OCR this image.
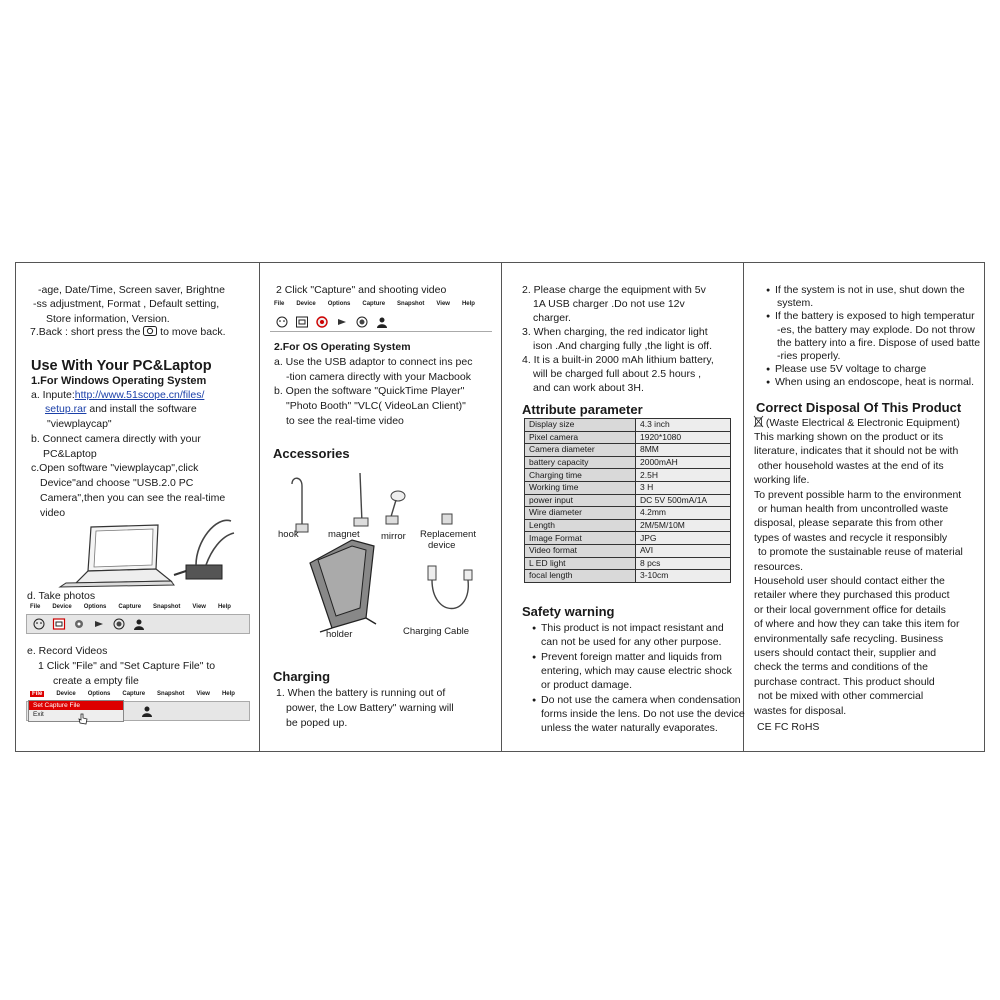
-age, Date/Time, Screen saver, Brightne
-ss adjustment, Format , Default setting,
Store information, Version.
7.Back : short press the to move back.
Use With Your PC&Laptop
1.For Windows Operating System
a. Inpute:http://www.51scope.cn/files/
setup.rar and install the software
"viewplaycap"
b. Connect camera directly with your
PC&Laptop
c.Open software "viewplaycap",click
Device"and choose "USB.2.0 PC
Camera",then you can see the real-time
video
d. Take photos
File Device Options Capture Snapshot View Help
e. Record Videos
1 Click "File" and "Set Capture File" to
create a empty file
File	Device Options Capture Snapshot View Help
Set Capture File
Exit
2 Click "Capture" and shooting video
File Device Options Capture Snapshot View Help
2.For OS Operating System
a. Use the USB adaptor to connect ins pec
-tion camera directly with your Macbook
b. Open the software "QuickTime Player"
"Photo Booth" "VLC( VideoLan Client)"
to see the real-time video
Accessories
hook	magnet mirror Replacement
device
holder	Charging Cable
Charging
1. When the battery is running out of
power, the Low Battery" warning will
be poped up.
2. Please charge the equipment with 5v
1A USB charger .Do not use 12v
charger.
3. When charging, the red indicator light
ison .And charging fully ,the light is off.
4. It is a built-in 2000 mAh lithium battery,
will be charged full about 2.5 hours ,
and can work about 3H.
Attribute parameter
Display size	4.3 inch
Pixel camera	1920*1080
Camera diameter	8MM
battery capacity	2000mAH
Charging time	2.5H
Working time	3 H
power input	DC 5V 500mA/1A
Wire diameter	4.2mm
Length	2M/5M/10M
Image Format	JPG
Video format	AVI
L ED light	8 pcs
focal length	3-10cm
Safety warning
● This product is not impact resistant and
can not be used for any other purpose.
● Prevent foreign matter and liquids from
entering, which may cause electric shock
or product damage.
● Do not use the camera when condensation
forms inside the lens. Do not use the device
unless the water naturally evaporates.
● If the system is not in use, shut down the
system.
● If the battery is exposed to high temperatur
-es, the battery may explode. Do not throw
the battery into a fire. Dispose of used batte
-ries properly.
● Please use 5V voltage to charge
● When using an endoscope, heat is normal.
Correct Disposal Of This Product
(Waste Electrical & Electronic Equipment)
This marking shown on the product or its
literature, indicates that it should not be with
other household wastes at the end of its
working life.
To prevent possible harm to the environment
or human health from uncontrolled waste
disposal, please separate this from other
types of wastes and recycle it responsibly
to promote the sustainable reuse of material
resources.
Household user should contact either the
retailer where they purchased this product
or their local government office for details
of where and how they can take this item for
environmentally safe recycling. Business
users should contact their, supplier and
check the terms and conditions of the
purchase contract. This product should
not be mixed with other commercial
wastes for disposal.
CE FC RoHS
